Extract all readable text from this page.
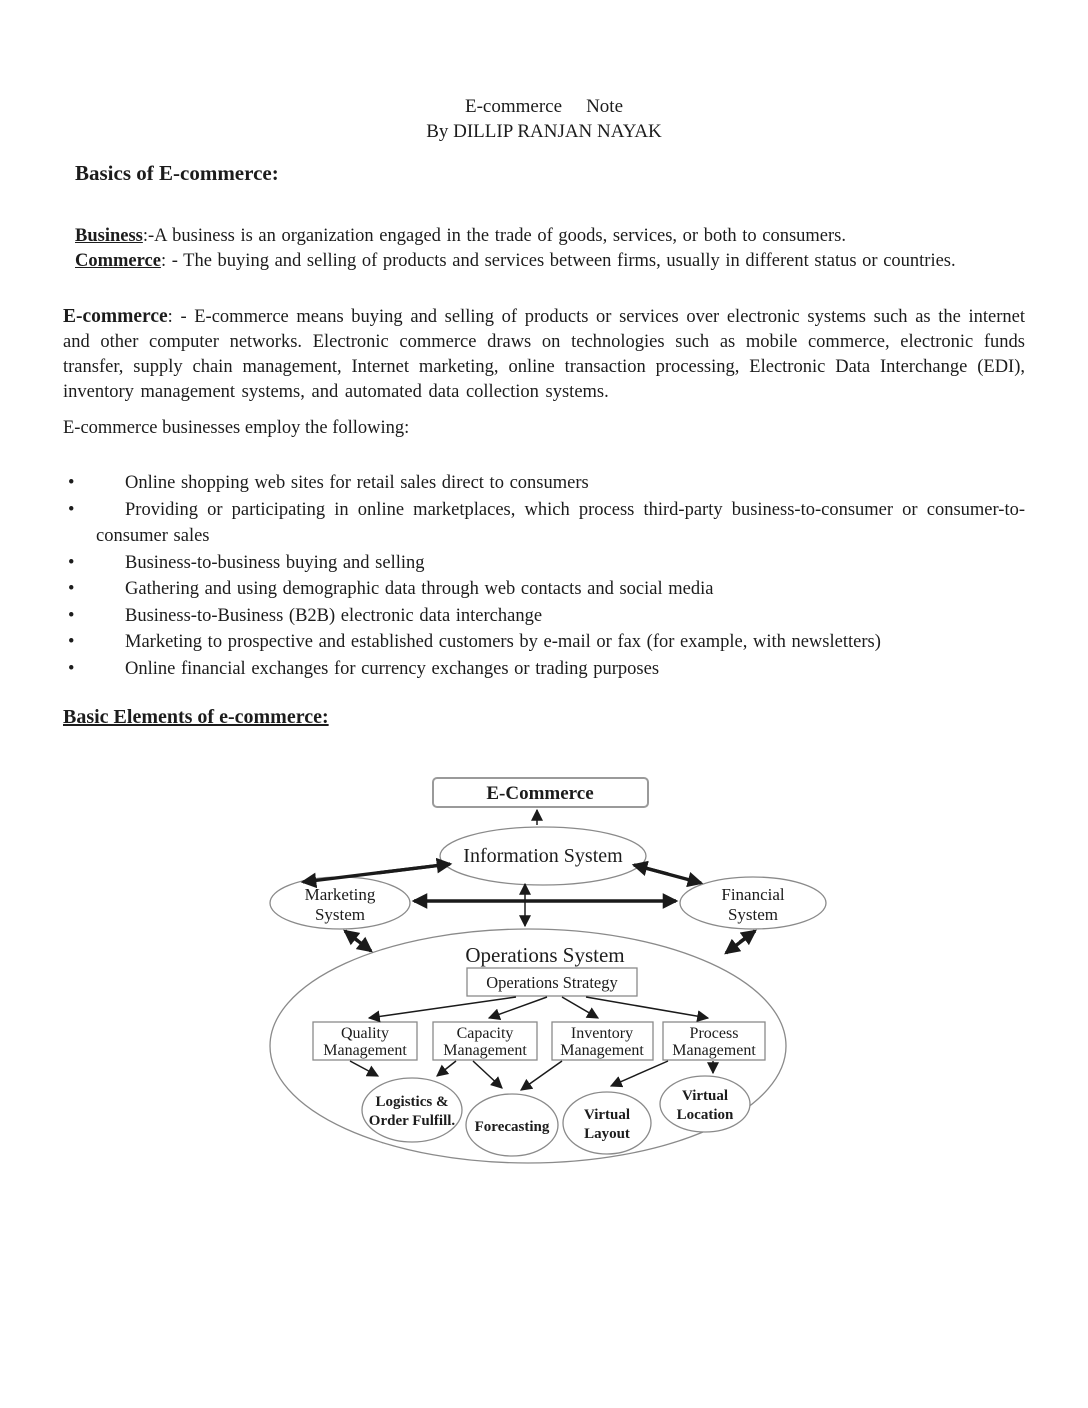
E-commerce Note
By DILLIP RANJAN NAYAK
Basics of E-commerce:

Business:-A business is an organization engaged in the trade of goods, services, or both to consumers.
Commerce: - The buying and selling of products and services between firms, usually in different status or countries.

E-commerce: - E-commerce means buying and selling of products or services over electronic systems such as the internet and other computer networks. Electronic commerce draws on technologies such as mobile commerce, electronic funds transfer, supply chain management, Internet marketing, online transaction processing, Electronic Data Interchange (EDI), inventory management systems, and automated data collection systems.

E-commerce businesses employ the following:

•	Online shopping web sites for retail sales direct to consumers
•	Providing or participating in online marketplaces, which process third-party business-to-consumer or consumer-to-consumer sales
•	Business-to-business buying and selling
•	Gathering and using demographic data through web contacts and social media
•	Business-to-Business (B2B) electronic data interchange
•	Marketing to prospective and established customers by e-mail or fax (for example, with newsletters)
•	Online financial exchanges for currency exchanges or trading purposes
Basic Elements of e-commerce:
Operations System
Logistics &
Order Fulfill. Forecasting
Virtual
Layout
Virtual
Location
Operations Strategy
Quality
Management
Capacity
Management
Inventory
Management
Process
Management
E-Commerce
Information System
Marketing
System
Financial
System
